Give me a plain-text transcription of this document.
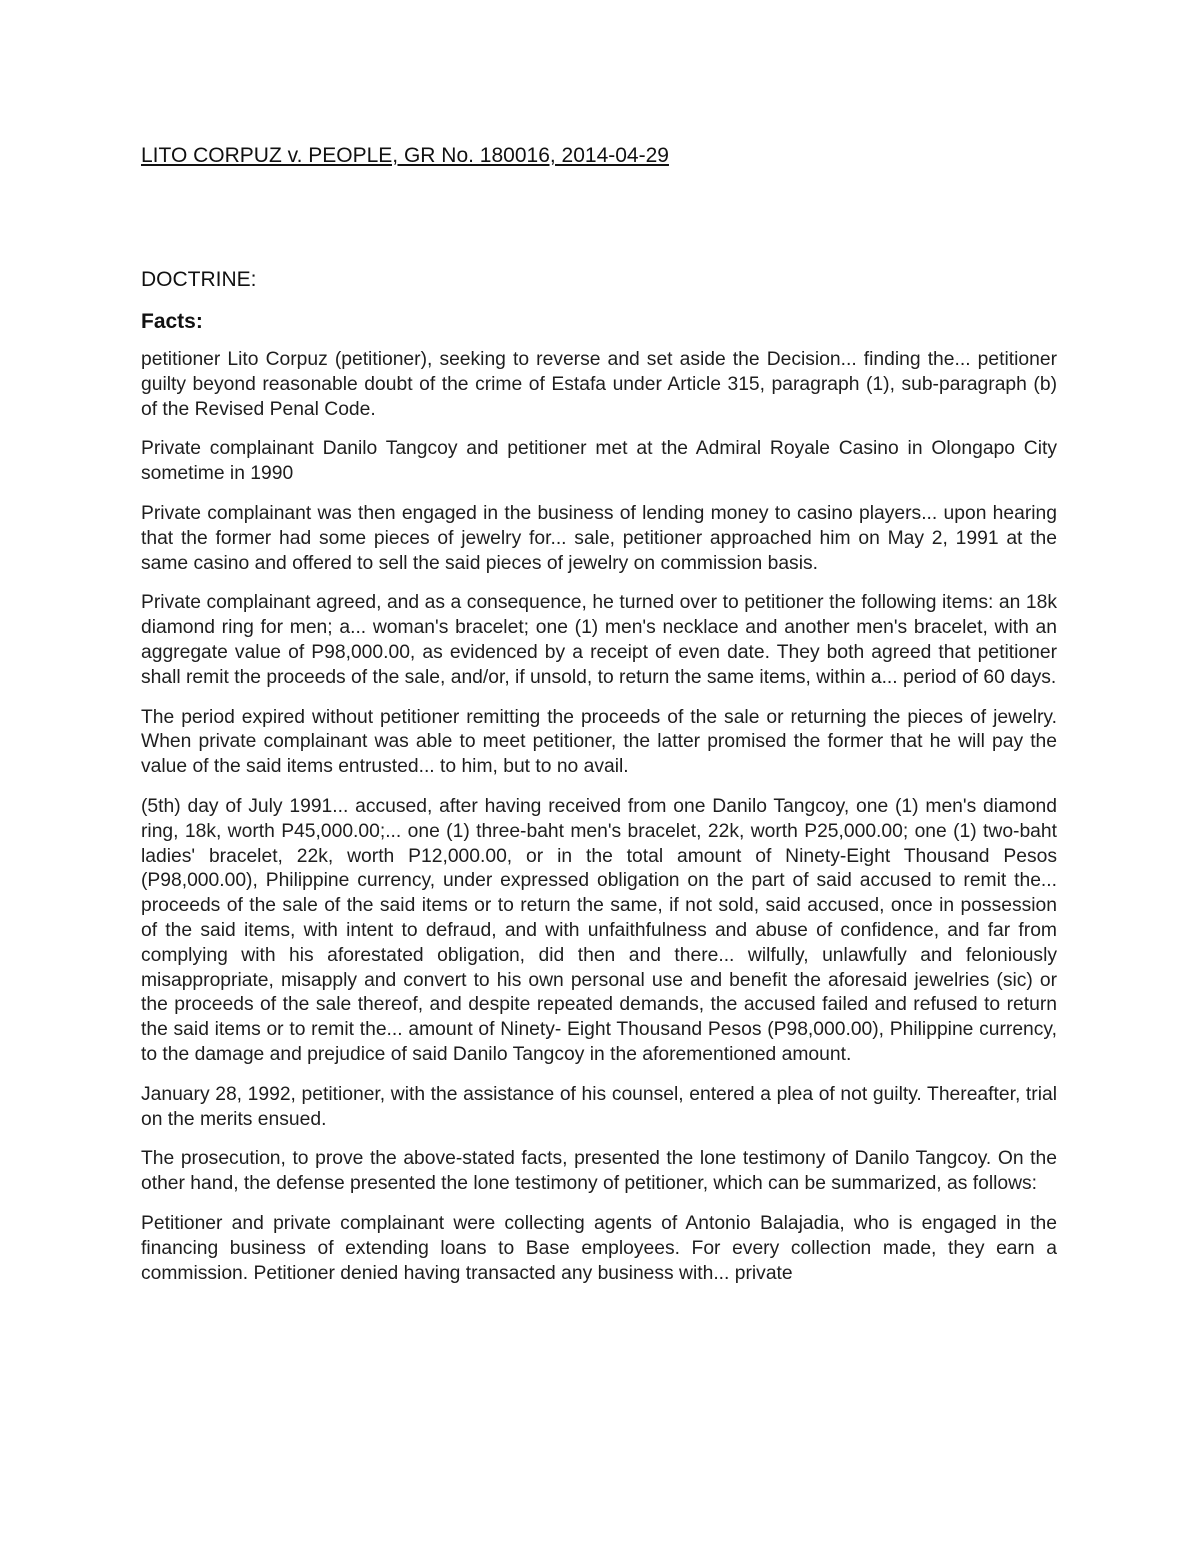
LITO CORPUZ v. PEOPLE, GR No. 180016, 2014-04-29
DOCTRINE:
Facts:

petitioner Lito Corpuz (petitioner), seeking to reverse and set aside the Decision... finding the... petitioner guilty beyond reasonable doubt of the crime of Estafa under Article 315, paragraph (1), sub-paragraph (b) of the Revised Penal Code.

Private complainant Danilo Tangcoy and petitioner met at the Admiral Royale Casino in Olongapo City sometime in 1990

Private complainant was then engaged in the business of lending money to casino players... upon hearing that the former had some pieces of jewelry for... sale, petitioner approached him on May 2, 1991 at the same casino and offered to sell the said pieces of jewelry on commission basis.

Private complainant agreed, and as a consequence, he turned over to petitioner the following items: an 18k diamond ring for men; a... woman's bracelet; one (1) men's necklace and another men's bracelet, with an aggregate value of P98,000.00, as evidenced by a receipt of even date. They both agreed that petitioner shall remit the proceeds of the sale, and/or, if unsold, to return the same items, within a... period of 60 days.

The period expired without petitioner remitting the proceeds of the sale or returning the pieces of jewelry. When private complainant was able to meet petitioner, the latter promised the former that he will pay the value of the said items entrusted... to him, but to no avail.

(5th) day of July 1991... accused, after having received from one Danilo Tangcoy, one (1) men's diamond ring, 18k, worth P45,000.00;... one (1) three-baht men's bracelet, 22k, worth P25,000.00; one (1) two-baht ladies' bracelet, 22k, worth P12,000.00, or in the total amount of Ninety-Eight Thousand Pesos (P98,000.00), Philippine currency, under expressed obligation on the part of said accused to remit the... proceeds of the sale of the said items or to return the same, if not sold, said accused, once in possession of the said items, with intent to defraud, and with unfaithfulness and abuse of confidence, and far from complying with his aforestated obligation, did then and there... wilfully, unlawfully and feloniously misappropriate, misapply and convert to his own personal use and benefit the aforesaid jewelries (sic) or the proceeds of the sale thereof, and despite repeated demands, the accused failed and refused to return the said items or to remit the... amount of Ninety- Eight Thousand Pesos (P98,000.00), Philippine currency, to the damage and prejudice of said Danilo Tangcoy in the aforementioned amount.

January 28, 1992, petitioner, with the assistance of his counsel, entered a plea of not guilty. Thereafter, trial on the merits ensued.

The prosecution, to prove the above-stated facts, presented the lone testimony of Danilo Tangcoy. On the other hand, the defense presented the lone testimony of petitioner, which can be summarized, as follows:

Petitioner and private complainant were collecting agents of Antonio Balajadia, who is engaged in the financing business of extending loans to Base employees. For every collection made, they earn a commission. Petitioner denied having transacted any business with... private
